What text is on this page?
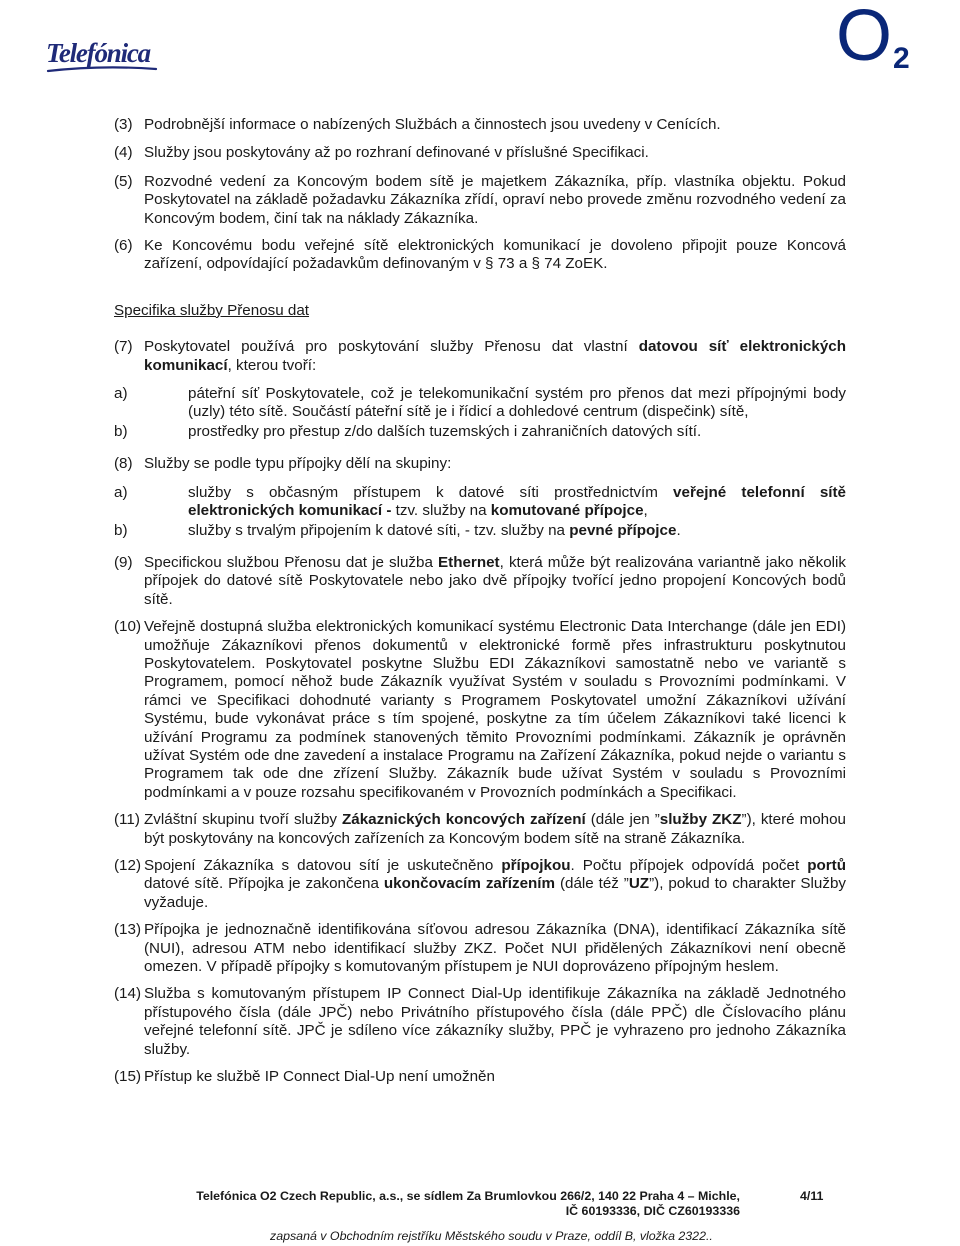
Telefónica	O 2
(3) Podrobnější informace o nabízených Službách a činnostech jsou uvedeny v Cenících.
(4) Služby jsou poskytovány až po rozhraní definované v příslušné Specifikaci.
(5) Rozvodné vedení za Koncovým bodem sítě je majetkem Zákazníka, příp. vlastníka objektu. Pokud Poskytovatel na základě požadavku Zákazníka zřídí, opraví nebo provede změnu rozvodného vedení za Koncovým bodem, činí tak na náklady Zákazníka.
(6) Ke Koncovému bodu veřejné sítě elektronických komunikací je dovoleno připojit pouze Koncová zařízení, odpovídající požadavkům definovaným v § 73 a § 74 ZoEK.
Specifika služby Přenosu dat
(7) Poskytovatel používá pro poskytování služby Přenosu dat vlastní datovou síť elektronických komunikací, kterou tvoří:
a)	páteřní síť Poskytovatele, což je telekomunikační systém pro přenos dat mezi přípojnými body (uzly) této sítě. Součástí páteřní sítě je i řídicí a dohledové centrum (dispečink) sítě,
b)	prostředky pro přestup z/do dalších tuzemských i zahraničních datových sítí.
(8) Služby se podle typu přípojky dělí na skupiny:
a)	služby s občasným přístupem k datové síti prostřednictvím veřejné telefonní sítě elektronických komunikací - tzv. služby na komutované přípojce,
b)	služby s trvalým připojením k datové síti, - tzv. služby na pevné přípojce.
(9) Specifickou službou Přenosu dat je služba Ethernet, která může být realizována variantně jako několik přípojek do datové sítě Poskytovatele nebo jako dvě přípojky tvořící jedno propojení Koncových bodů sítě.
(10) Veřejně dostupná služba elektronických komunikací systému Electronic Data Interchange (dále jen EDI) umožňuje Zákazníkovi přenos dokumentů v elektronické formě přes infrastrukturu poskytnutou Poskytovatelem. Poskytovatel poskytne Službu EDI Zákazníkovi samostatně nebo ve variantě s Programem, pomocí něhož bude Zákazník využívat Systém v souladu s Provozními podmínkami. V rámci ve Specifikaci dohodnuté varianty s Programem Poskytovatel umožní Zákazníkovi užívání Systému, bude vykonávat práce s tím spojené, poskytne za tím účelem Zákazníkovi také licenci k užívání Programu za podmínek stanovených těmito Provozními podmínkami. Zákazník je oprávněn užívat Systém ode dne zavedení a instalace Programu na Zařízení Zákazníka, pokud nejde o variantu s Programem tak ode dne zřízení Služby. Zákazník bude užívat Systém v souladu s Provozními podmínkami a v pouze rozsahu specifikovaném v Provozních podmínkách a Specifikaci.
(11) Zvláštní skupinu tvoří služby Zákaznických koncových zařízení (dále jen ”služby ZKZ”), které mohou být poskytovány na koncových zařízeních za Koncovým bodem sítě na straně Zákazníka.
(12) Spojení Zákazníka s datovou sítí je uskutečněno přípojkou. Počtu přípojek odpovídá počet portů datové sítě. Přípojka je zakončena ukončovacím zařízením (dále též ”UZ”), pokud to charakter Služby vyžaduje.
(13) Přípojka je jednoznačně identifikována síťovou adresou Zákazníka (DNA), identifikací Zákazníka sítě (NUI), adresou ATM nebo identifikací služby ZKZ. Počet NUI přidělených Zákazníkovi není obecně omezen. V případě přípojky s komutovaným přístupem je NUI doprovázeno přípojným heslem.
(14) Služba s komutovaným přístupem IP Connect Dial-Up identifikuje Zákazníka na základě Jednotného přístupového čísla (dále JPČ) nebo Privátního přístupového čísla (dále PPČ) dle Číslovacího plánu veřejné telefonní sítě. JPČ je sdíleno více zákazníky služby, PPČ je vyhrazeno pro jednoho Zákazníka služby.
(15) Přístup ke službě IP Connect Dial-Up není umožněn
Telefónica O2 Czech Republic, a.s., se sídlem Za Brumlovkou 266/2, 140 22 Praha 4 – Michle,
IČ 60193336, DIČ CZ60193336
4/11
zapsaná v Obchodním rejstříku Městského soudu v Praze, oddíl B, vložka 2322..
